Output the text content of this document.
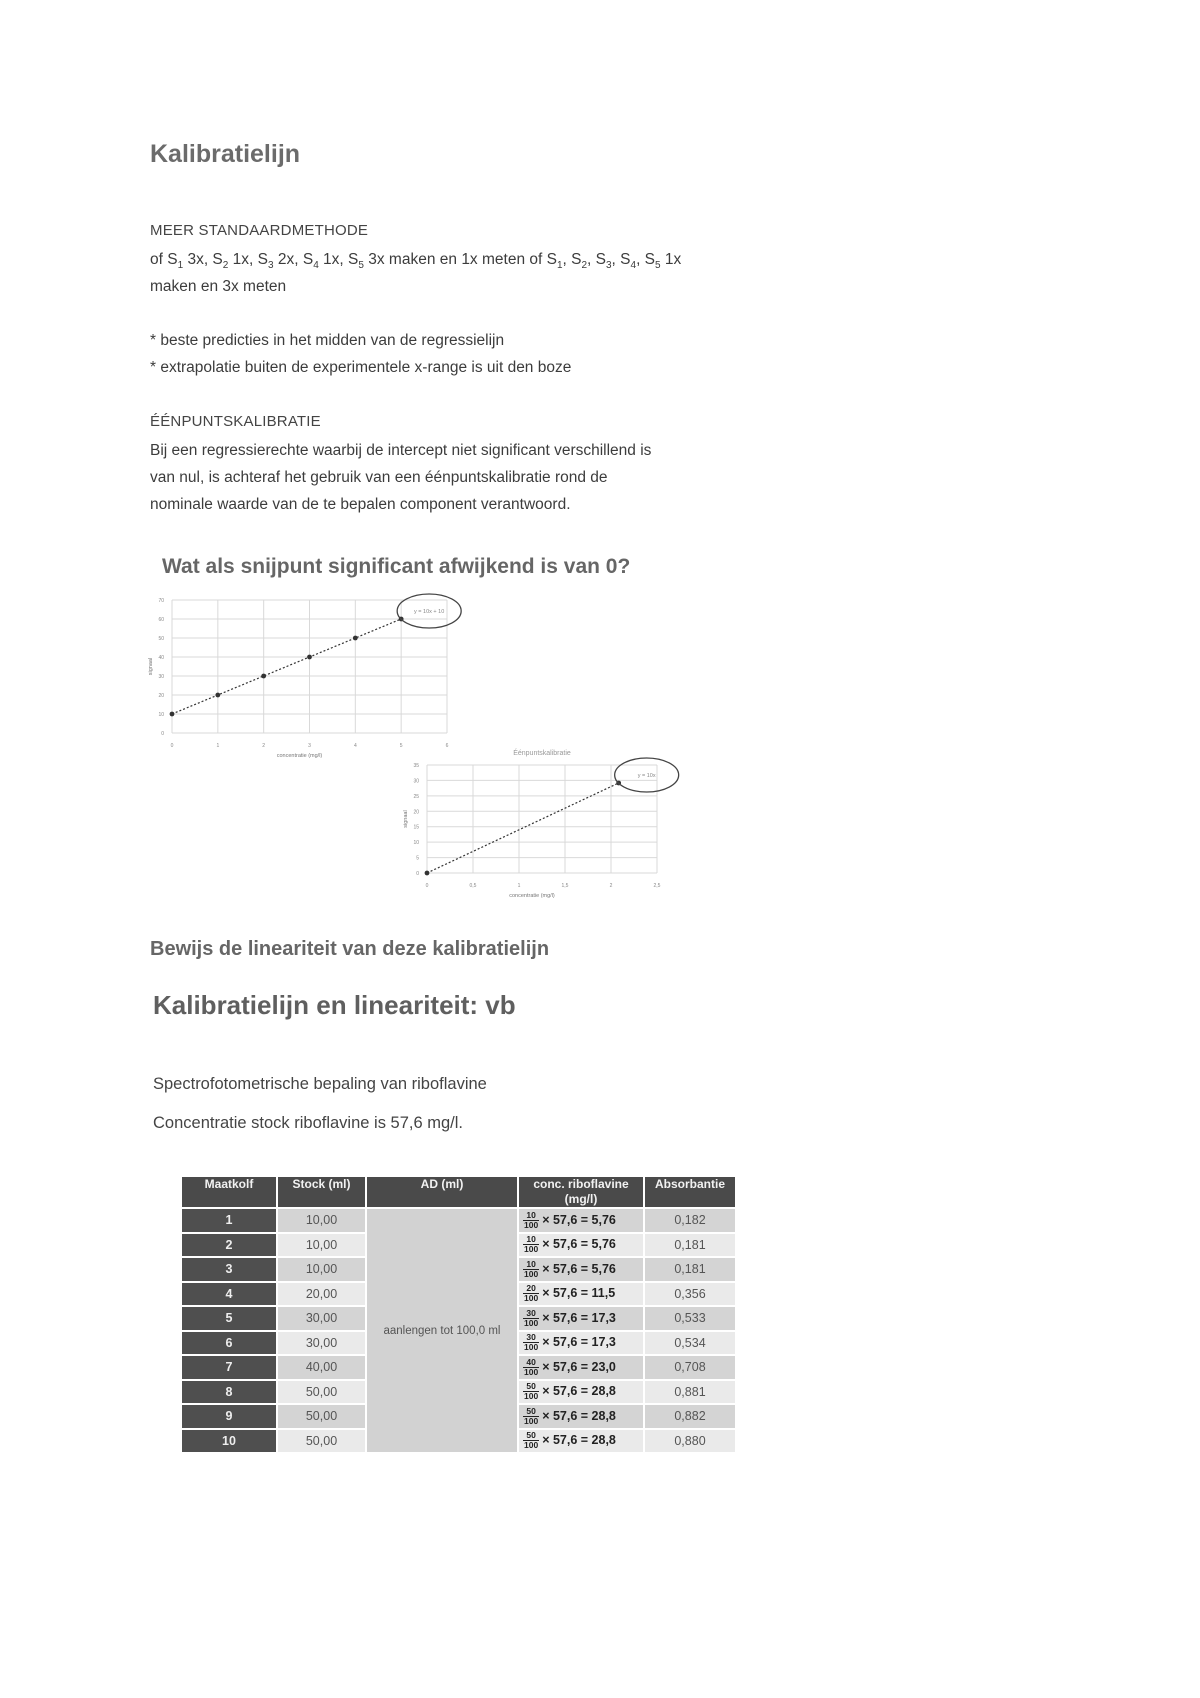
Kalibratielijn
MEER STANDAARDMETHODE
of $S_1$ 3x, $S_2$ 1x, $S_3$ 2x, $S_4$ 1x, $S_5$ 3x maken en 1x meten of $S_1$, $S_2$, $S_3$, $S_4$, $S_5$ 1x
maken en 3x meten
* beste predicties in het midden van de regressielijn
* extrapolatie buiten de experimentele x-range is uit den boze
ÉÉNPUNTSKALIBRATIE
Bij een regressierechte waarbij de intercept niet significant verschillend is
van nul, is achteraf het gebruik van een éénpuntskalibratie rond de
nominale waarde van de te bepalen component verantwoord.
Wat als snijpunt significant afwijkend is van 0?
0
10
20
30
40
50
60
70
0	1	2	3	4	5	6
concentratie (mg/l)
signaal
y = 10x + 10
0
5
10
15
20
25
30
35
0	0,5	1	1,5	2	2,5
concentratie (mg/l)
signaal
y = 10x
Éénpuntskalibratie
Bewijs de lineariteit van deze kalibratielijn
Kalibratielijn en lineariteit: vb
Spectrofotometrische bepaling van riboflavine
Concentratie stock riboflavine is 57,6 mg/l.
Maatkolf	Stock (ml)	AD (ml)	conc. riboflavine (mg/l)	Absorbantie
1	10,00	aanlengen tot 100,0 ml	$\frac{10}{100} \times 57,6 = 5,76$	0,182
2	10,00		$\frac{10}{100} \times 57,6 = 5,76$	0,181
3	10,00		$\frac{10}{100} \times 57,6 = 5,76$	0,181
4	20,00		$\frac{20}{100} \times 57,6 = 11,5$	0,356
5	30,00		$\frac{30}{100} \times 57,6 = 17,3$	0,533
6	30,00		$\frac{30}{100} \times 57,6 = 17,3$	0,534
7	40,00		$\frac{40}{100} \times 57,6 = 23,0$	0,708
8	50,00		$\frac{50}{100} \times 57,6 = 28,8$	0,881
9	50,00		$\frac{50}{100} \times 57,6 = 28,8$	0,882
10	50,00		$\frac{50}{100} \times 57,6 = 28,8$	0,880
